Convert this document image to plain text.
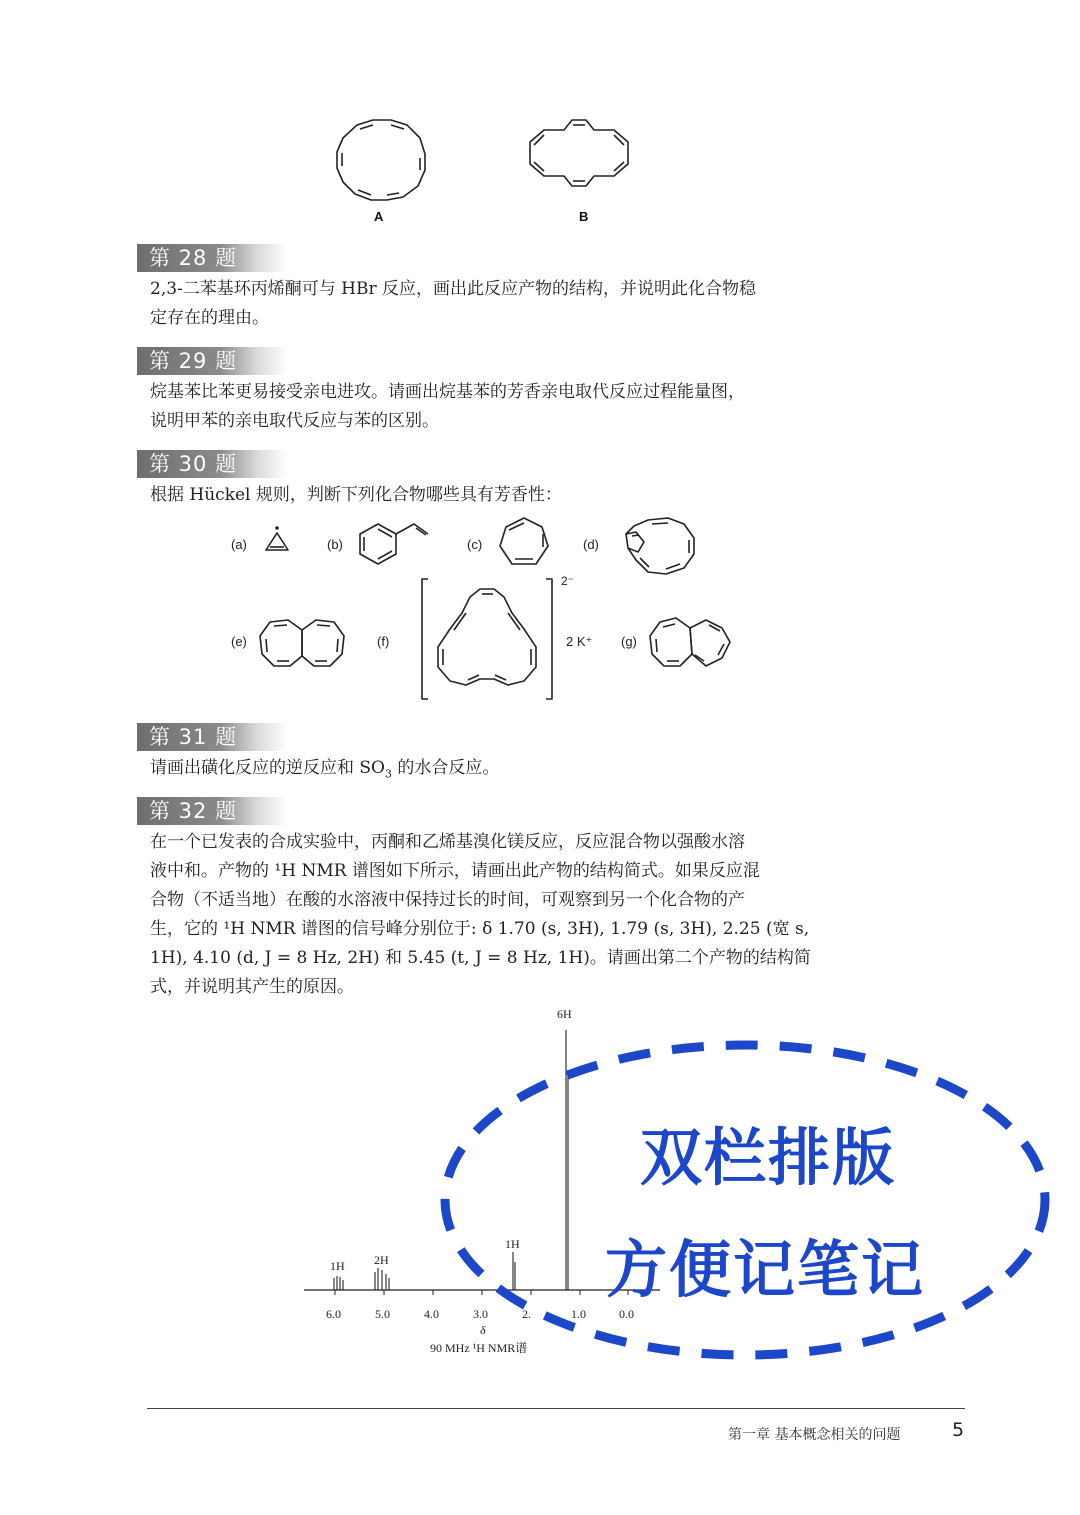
A	B
第 28 题
2,3-二苯基环丙烯酮可与 HBr 反应，画出此反应产物的结构，并说明此化合物稳
定存在的理由。
第 29 题
烷基苯比苯更易接受亲电进攻。请画出烷基苯的芳香亲电取代反应过程能量图，
说明甲苯的亲电取代反应与苯的区别。
第 30 题
根据 Hückel 规则，判断下列化合物哪些具有芳香性：
(a)	(b)	(c)	(d)
(e)	(f)
2⁻
2 K⁺ (g)
第 31 题
请画出磺化反应的逆反应和 $SO_3$ 的水合反应。
第 32 题
在一个已发表的合成实验中，丙酮和乙烯基溴化镁反应，反应混合物以强酸水溶
液中和。产物的 ¹H NMR 谱图如下所示，请画出此产物的结构简式。如果反应混
合物（不适当地）在酸的水溶液中保持过长的时间，可观察到另一个化合物的产
生，它的 ¹H NMR 谱图的信号峰分别位于: δ 1.70 (s, 3H), 1.79 (s, 3H), 2.25 (宽 s,
1H), 4.10 (d, J = 8 Hz, 2H) 和 5.45 (t, J = 8 Hz, 1H)。请画出第二个产物的结构简
式，并说明其产生的原因。
6H
1H 2H
1H
6.0	5.0	4.0	3.0	2.	1.0	0.0
δ
90 MHz ¹H NMR谱
双栏排版
方便记笔记
第一章 基本概念相关的问题	5
